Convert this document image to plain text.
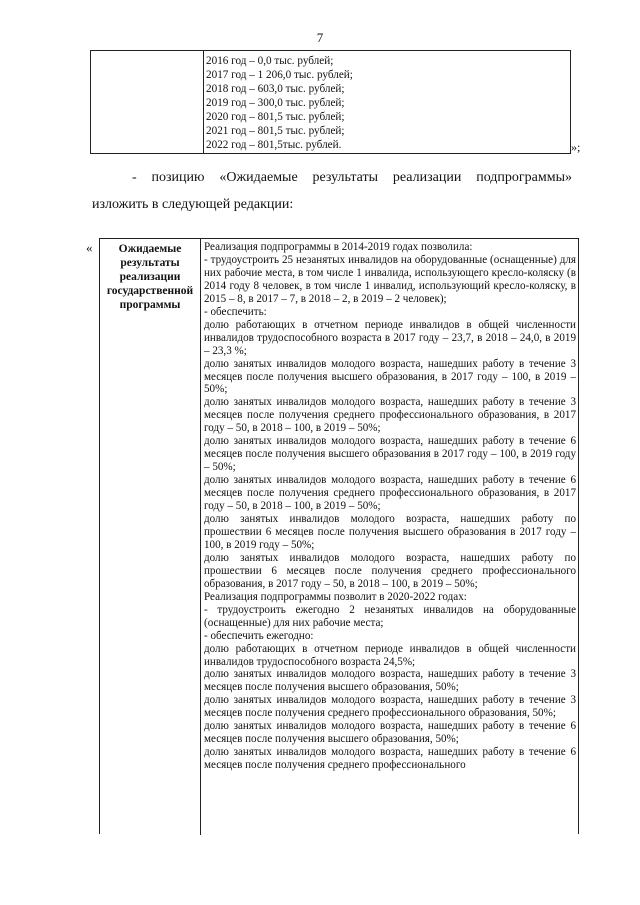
7
2016 год – 0,0 тыс. рублей;
2017 год – 1 206,0 тыс. рублей;
2018 год – 603,0 тыс. рублей;
2019 год – 300,0 тыс. рублей;
2020 год – 801,5 тыс. рублей;
2021 год – 801,5 тыс. рублей;
2022 год – 801,5тыс. рублей.	»;
- позицию «Ожидаемые результаты реализации подпрограммы»
изложить в следующей редакции:
«	Ожидаемые результаты реализации государственной программы
Реализация подпрограммы в 2014-2019 годах позволила:
- трудоустроить 25 незанятых инвалидов на оборудованные (оснащенные) для них рабочие места, в том числе 1 инвалида, использующего кресло-коляску (в 2014 году 8 человек, в том числе 1 инвалид, использующий кресло-коляску, в 2015 – 8, в 2017 – 7, в 2018 – 2, в 2019 – 2 человек);
- обеспечить:
долю работающих в отчетном периоде инвалидов в общей численности инвалидов трудоспособного возраста в 2017 году – 23,7, в 2018 – 24,0, в 2019 – 23,3 %;
долю занятых инвалидов молодого возраста, нашедших работу в течение 3 месяцев после получения высшего образования, в 2017 году – 100, в 2019 – 50%;
долю занятых инвалидов молодого возраста, нашедших работу в течение 3 месяцев после получения среднего профессионального образования, в 2017 году – 50, в 2018 – 100, в 2019 – 50%;
долю занятых инвалидов молодого возраста, нашедших работу в течение 6 месяцев после получения высшего образования в 2017 году – 100, в 2019 году – 50%;
долю занятых инвалидов молодого возраста, нашедших работу в течение 6 месяцев после получения среднего профессионального образования, в 2017 году – 50, в 2018 – 100, в 2019 – 50%;
долю занятых инвалидов молодого возраста, нашедших работу по прошествии 6 месяцев после получения высшего образования в 2017 году – 100, в 2019 году – 50%;
долю занятых инвалидов молодого возраста, нашедших работу по прошествии 6 месяцев после получения среднего профессионального образования, в 2017 году – 50, в 2018 – 100, в 2019 – 50%;
Реализация подпрограммы позволит в 2020-2022 годах:
- трудоустроить ежегодно 2 незанятых инвалидов на оборудованные (оснащенные) для них рабочие места;
- обеспечить ежегодно:
долю работающих в отчетном периоде инвалидов в общей численности инвалидов трудоспособного возраста 24,5%;
долю занятых инвалидов молодого возраста, нашедших работу в течение 3 месяцев после получения высшего образования, 50%;
долю занятых инвалидов молодого возраста, нашедших работу в течение 3 месяцев после получения среднего профессионального образования, 50%;
долю занятых инвалидов молодого возраста, нашедших работу в течение 6 месяцев после получения высшего образования, 50%;
долю занятых инвалидов молодого возраста, нашедших работу в течение 6 месяцев после получения среднего профессионального
